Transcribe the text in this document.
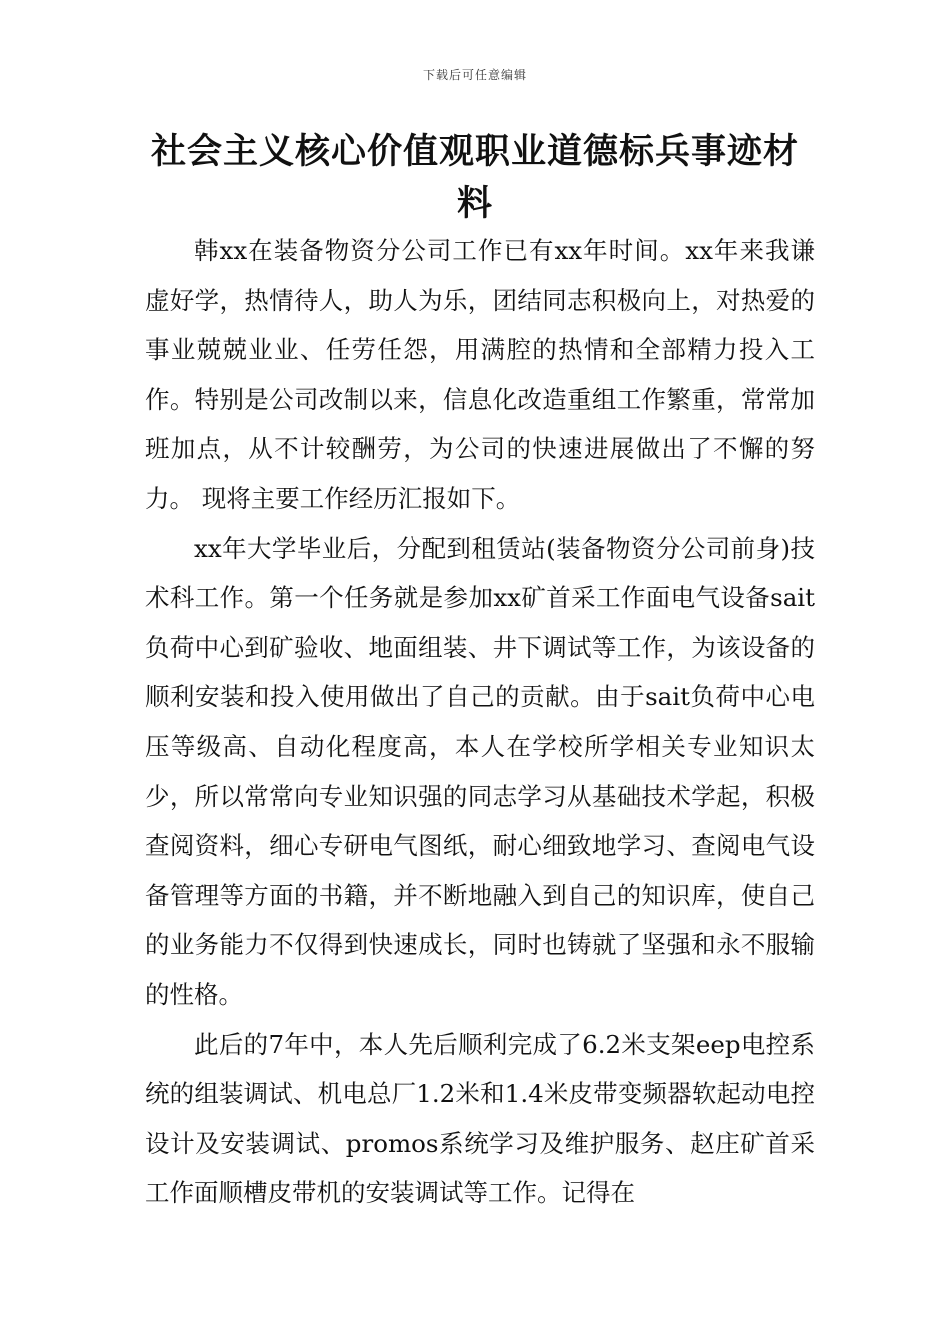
下载后可任意编辑
社会主义核心价值观职业道德标兵事迹材料

韩xx在装备物资分公司工作已有xx年时间。xx年来我谦虚好学，热情待人，助人为乐，团结同志积极向上，对热爱的事业兢兢业业、任劳任怨，用满腔的热情和全部精力投入工作。特别是公司改制以来，信息化改造重组工作繁重，常常加班加点，从不计较酬劳，为公司的快速进展做出了不懈的努力。 现将主要工作经历汇报如下。

xx年大学毕业后，分配到租赁站(装备物资分公司前身)技术科工作。第一个任务就是参加xx矿首采工作面电气设备sait负荷中心到矿验收、地面组装、井下调试等工作，为该设备的顺利安装和投入使用做出了自己的贡献。由于sait负荷中心电压等级高、自动化程度高，本人在学校所学相关专业知识太少，所以常常向专业知识强的同志学习从基础技术学起，积极查阅资料，细心专研电气图纸，耐心细致地学习、查阅电气设备管理等方面的书籍，并不断地融入到自己的知识库，使自己的业务能力不仅得到快速成长，同时也铸就了坚强和永不服输的性格。

此后的7年中，本人先后顺利完成了6.2米支架eep电控系统的组装调试、机电总厂1.2米和1.4米皮带变频器软起动电控设计及安装调试、promos系统学习及维护服务、赵庄矿首采工作面顺槽皮带机的安装调试等工作。记得在
